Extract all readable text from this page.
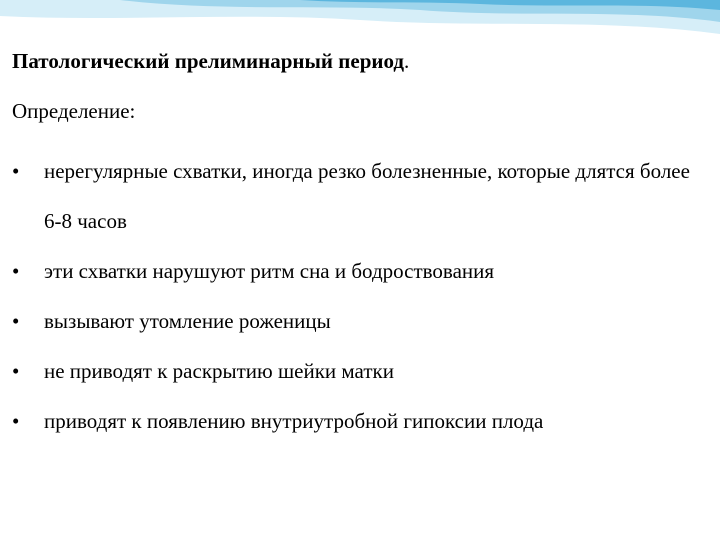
Патологический прелиминарный период.

Определение:
•	нерегулярные схватки, иногда резко болезненные, которые длятся более 6-8 часов
•	эти схватки нарушуют ритм сна и бодроствования
•	вызывают утомление роженицы
•	не приводят к раскрытию шейки матки
•	приводят к появлению внутриутробной гипоксии плода
